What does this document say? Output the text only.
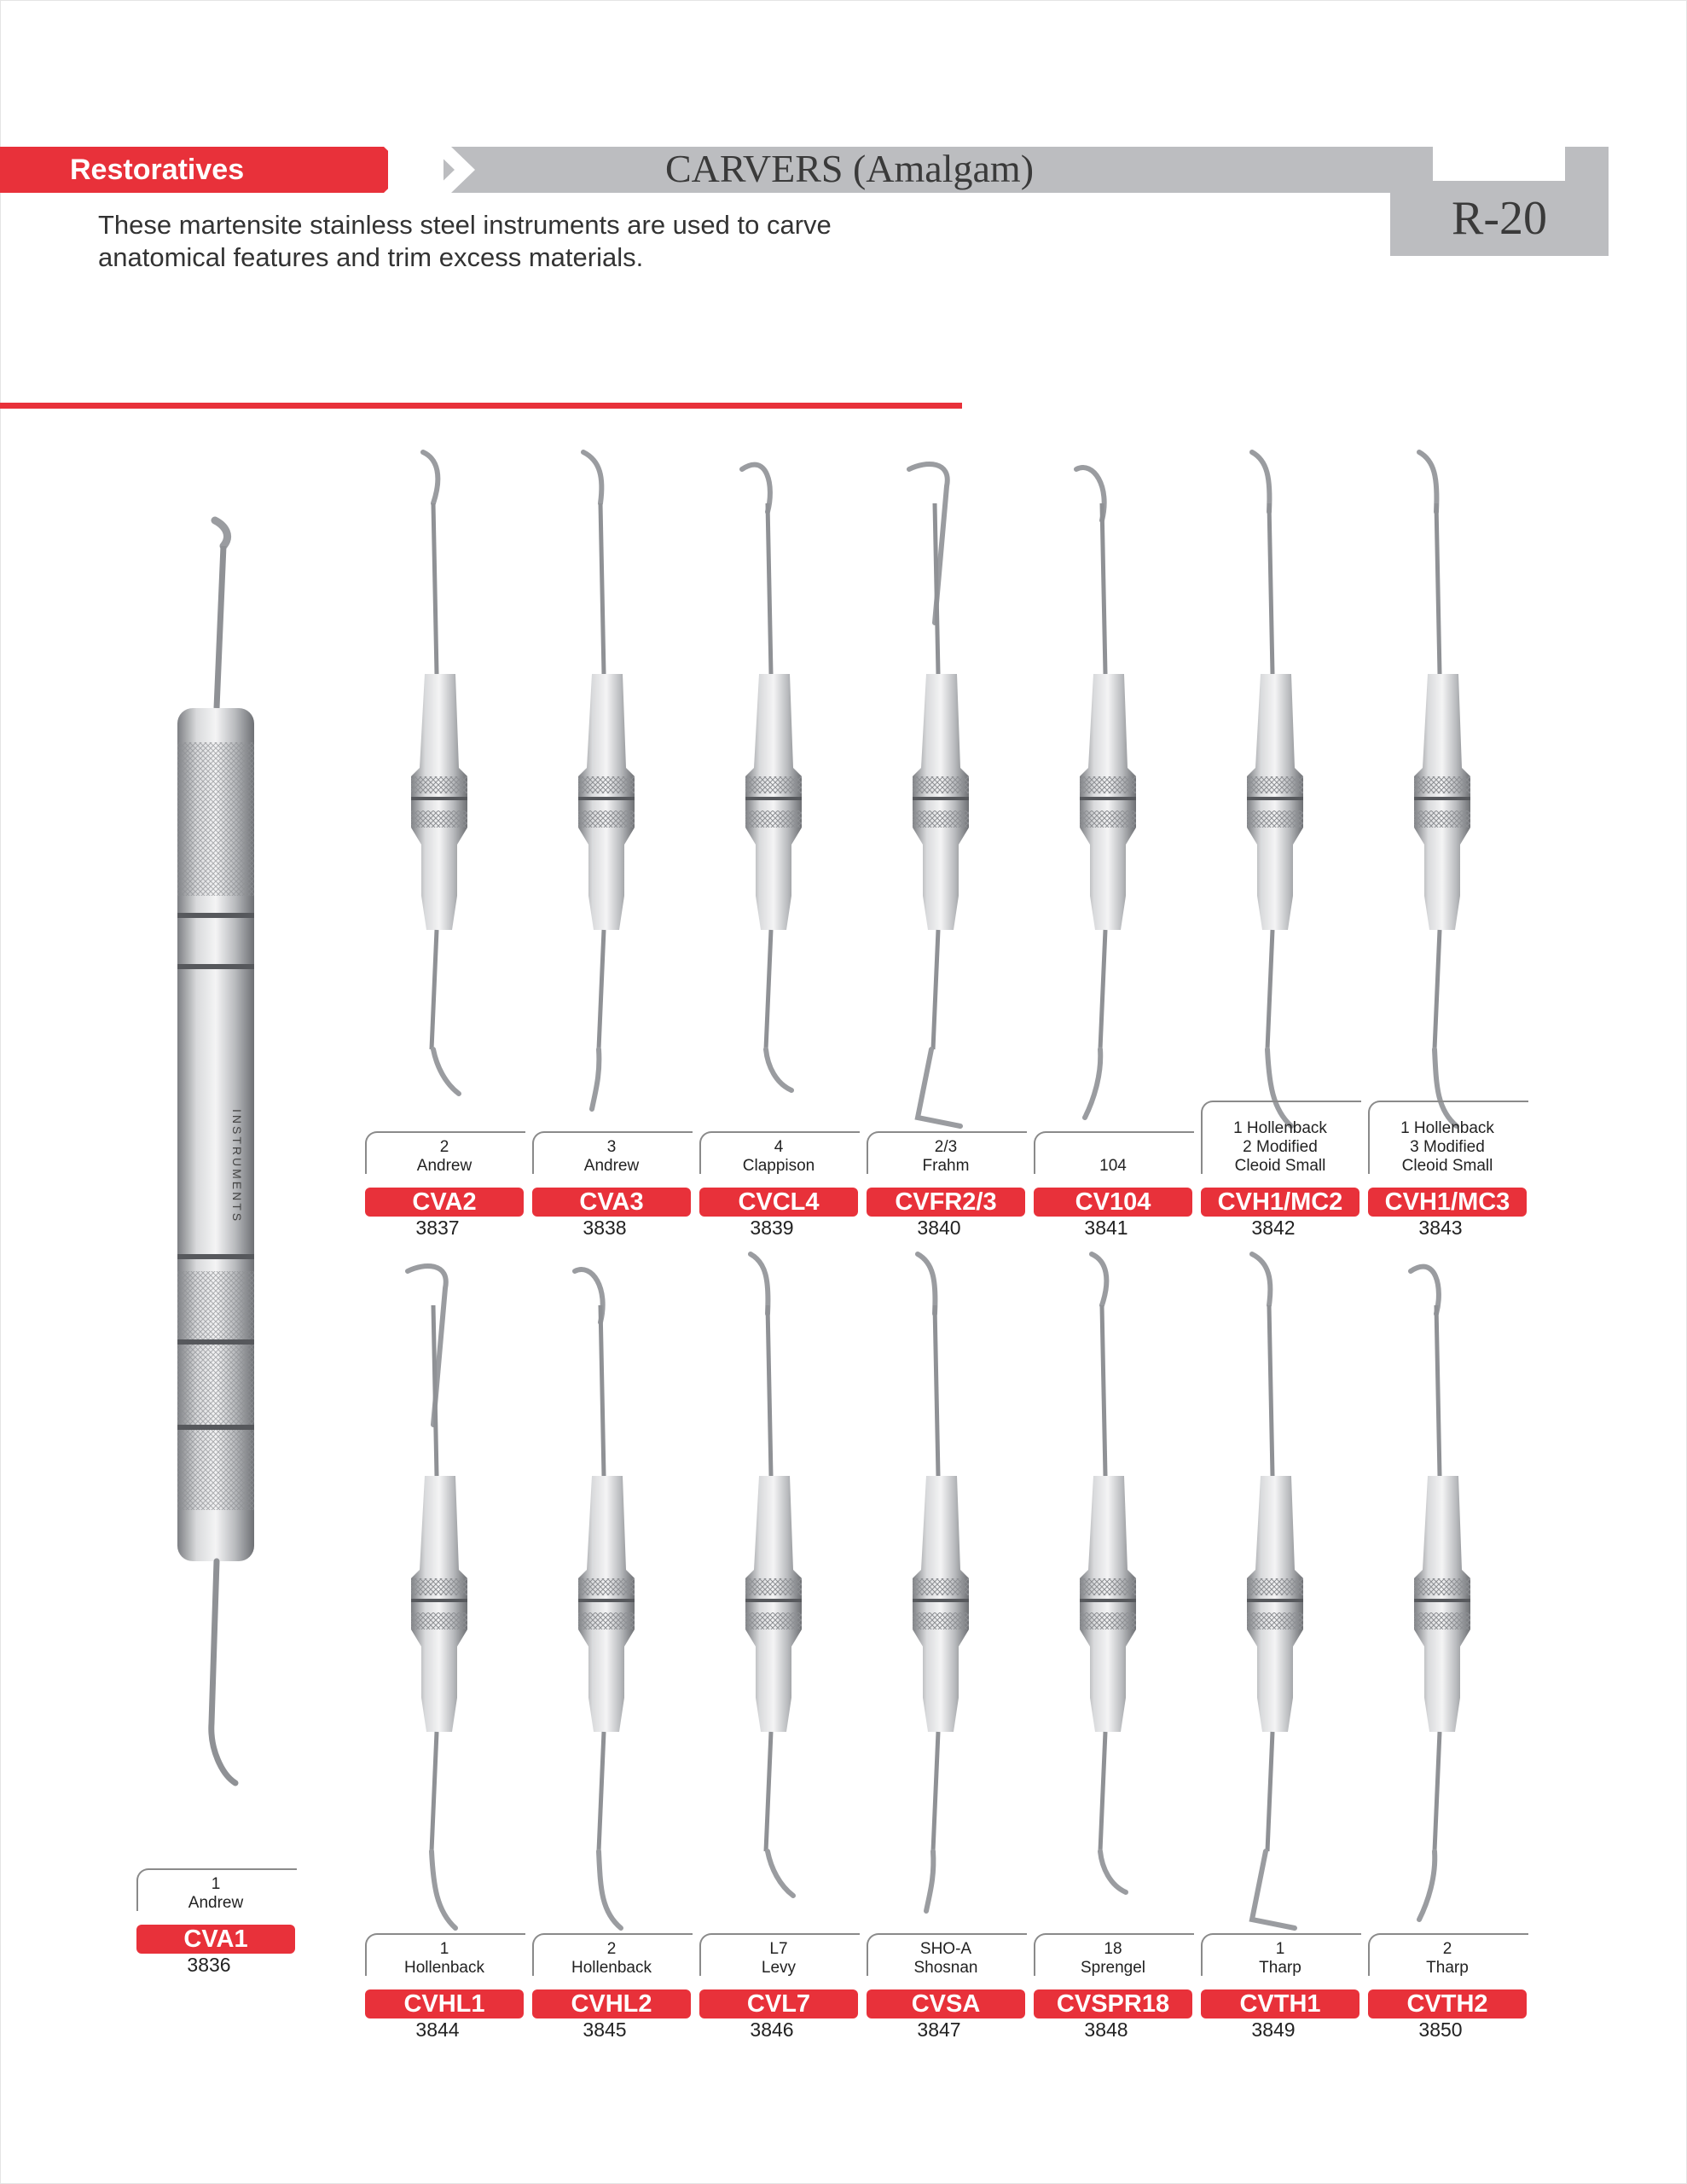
Restoratives	CARVERS (Amalgam)
R-20
These martensite stainless steel instruments are used to carve
anatomical features and trim excess materials.
INSTRUMENTS	2
Andrew
CVA2
3837
3
Andrew
CVA3
3838
4
Clappison
CVCL4
3839
2/3
Frahm
CVFR2/3
3840
104
CV104
3841
1 Hollenback
2 Modified
Cleoid Small
CVH1/MC2
3842
1 Hollenback
3 Modified
Cleoid Small
CVH1/MC3
3843
1
Hollenback
CVHL1
3844
2
Hollenback
CVHL2
3845
L7
Levy
CVL7
3846
SHO-A
Shosnan
CVSA
3847
18
Sprengel
CVSPR18
3848
1
Tharp
CVTH1
3849
2
Tharp
CVTH2
3850
1
Andrew
CVA1
3836
